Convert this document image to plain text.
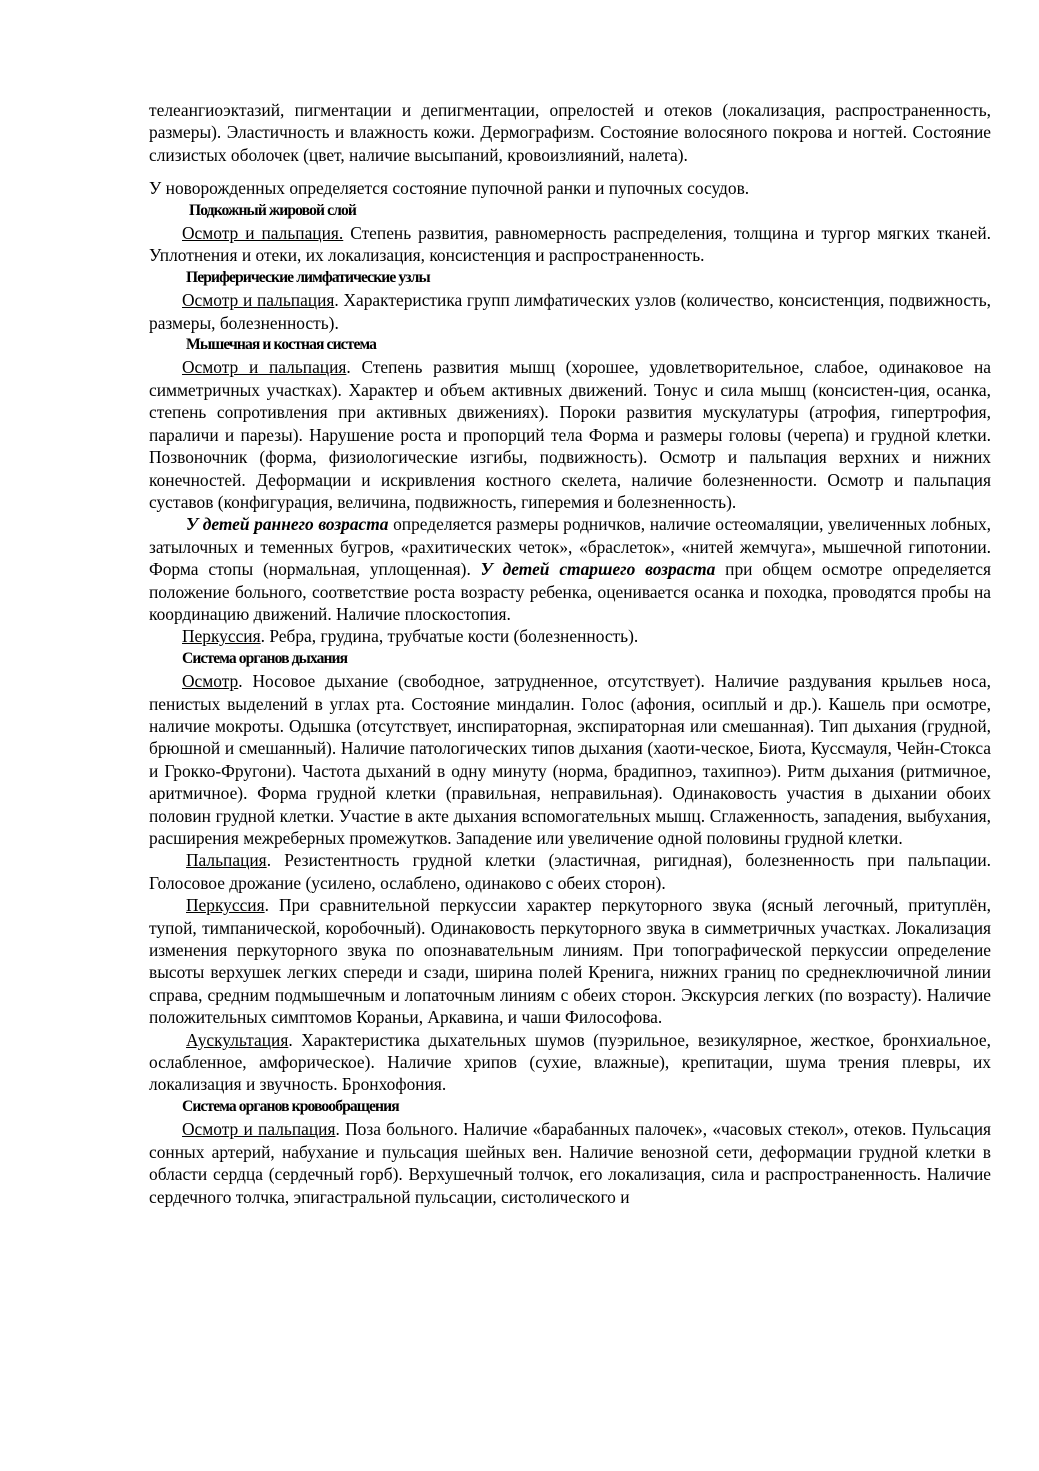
телеангиоэктазий, пигментации и депигментации, опрелостей и отеков (локализация, распространенность, размеры). Эластичность и влажность кожи. Дермографизм. Состояние волосяного покрова и ногтей. Состояние слизистых оболочек (цвет, наличие высыпаний, кровоизлияний, налета).

У новорожденных определяется состояние пупочной ранки и пупочных сосудов.

Подкожный жировой слой

Осмотр и пальпация. Степень развития, равномерность распределения, толщина и тургор мягких тканей. Уплотнения и отеки, их локализация, консистенция и распространенность.

Периферические лимфатические узлы

Осмотр и пальпация. Характеристика групп лимфатических узлов (количество, консистенция, подвижность, размеры, болезненность).

Мышечная и костная система

Осмотр и пальпация. Степень развития мышц (хорошее, удовлетворительное, слабое, одинаковое на симметричных участках). Характер и объем активных движений. Тонус и сила мышц (консистен-ция, осанка, степень сопротивления при активных движениях). Пороки развития мускулатуры (атрофия, гипертрофия, параличи и парезы). Нарушение роста и пропорций тела Форма и размеры головы (черепа) и грудной клетки. Позвоночник (форма, физиологические изгибы, подвижность). Осмотр и пальпация верхних и нижних конечностей. Деформации и искривления костного скелета, наличие болезненности. Осмотр и пальпация суставов (конфигурация, величина, подвижность, гиперемия и болезненность).

У детей раннего возраста определяется размеры родничков, наличие остеомаляции, увеличенных лобных, затылочных и теменных бугров, «рахитических четок», «браслеток», «нитей жемчуга», мышечной гипотонии. Форма стопы (нормальная, уплощенная). У детей старшего возраста при общем осмотре определяется положение больного, соответствие роста возрасту ребенка, оценивается осанка и походка, проводятся пробы на координацию движений. Наличие плоскостопия.

Перкуссия. Ребра, грудина, трубчатые кости (болезненность).

Система органов дыхания

Осмотр. Носовое дыхание (свободное, затрудненное, отсутствует). Наличие раздувания крыльев носа, пенистых выделений в углах рта. Состояние миндалин. Голос (афония, осиплый и др.). Кашель при осмотре, наличие мокроты. Одышка (отсутствует, инспираторная, экспираторная или смешанная). Тип дыхания (грудной, брюшной и смешанный). Наличие патологических типов дыхания (хаоти-ческое, Биота, Куссмауля, Чейн-Стокса и Грокко-Фругони). Частота дыханий в одну минуту (норма, брадипноэ, тахипноэ). Ритм дыхания (ритмичное, аритмичное). Форма грудной клетки (правильная, неправильная). Одинаковость участия в дыхании обоих половин грудной клетки. Участие в акте дыхания вспомогательных мышц. Сглаженность, западения, выбухания, расширения межреберных промежутков. Западение или увеличение одной половины грудной клетки.

Пальпация. Резистентность грудной клетки (эластичная, ригидная), болезненность при пальпации. Голосовое дрожание (усилено, ослаблено, одинаково с обеих сторон).

Перкуссия. При сравнительной перкуссии характер перкуторного звука (ясный легочный, притуплён, тупой, тимпанической, коробочный). Одинаковость перкуторного звука в симметричных участках. Локализация изменения перкуторного звука по опознавательным линиям. При топографической перкуссии определение высоты верхушек легких спереди и сзади, ширина полей Кренига, нижних границ по среднеключичной линии справа, средним подмышечным и лопаточным линиям с обеих сторон. Экскурсия легких (по возрасту). Наличие положительных симптомов Кораньи, Аркавина, и чаши Философова.

Аускультация. Характеристика дыхательных шумов (пуэрильное, везикулярное, жесткое, бронхиальное, ослабленное, амфорическое). Наличие хрипов (сухие, влажные), крепитации, шума трения плевры, их локализация и звучность. Бронхофония.

Система органов кровообращения

Осмотр и пальпация. Поза больного. Наличие «барабанных палочек», «часовых стекол», отеков. Пульсация сонных артерий, набухание и пульсация шейных вен. Наличие венозной сети, деформации грудной клетки в области сердца (сердечный горб). Верхушечный толчок, его локализация, сила и распространенность. Наличие сердечного толчка, эпигастральной пульсации, систолического и
